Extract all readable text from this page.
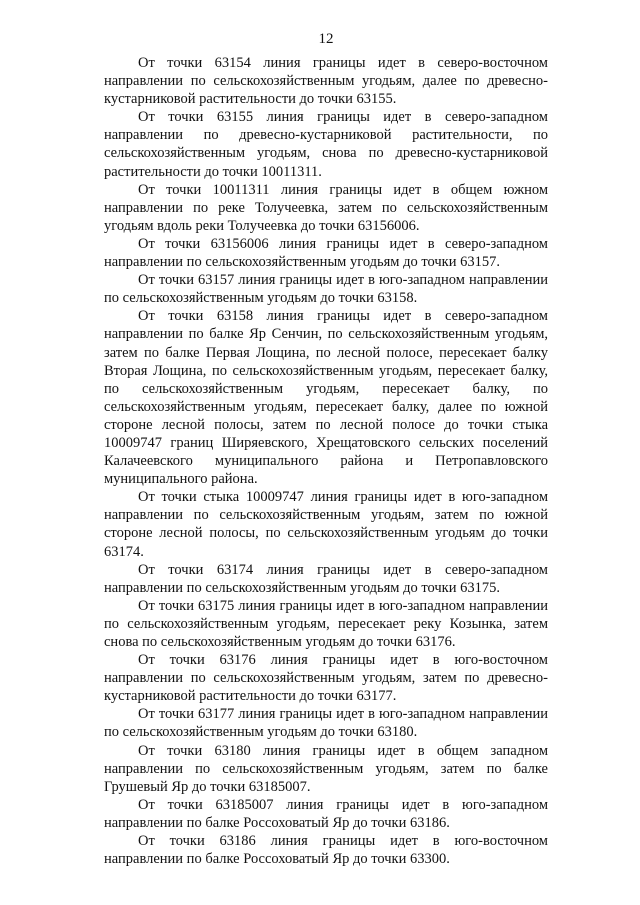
12

От точки 63154 линия границы идет в северо-восточном направлении по сельскохозяйственным угодьям, далее по древесно-кустарниковой растительности до точки 63155.

От точки 63155 линия границы идет в северо-западном направлении по древесно-кустарниковой растительности, по сельскохозяйственным угодьям, снова по древесно-кустарниковой растительности до точки 10011311.

От точки 10011311 линия границы идет в общем южном направлении по реке Толучеевка, затем по сельскохозяйственным угодьям вдоль реки Толучеевка до точки 63156006.

От точки 63156006 линия границы идет в северо-западном направлении по сельскохозяйственным угодьям до точки 63157.

От точки 63157 линия границы идет в юго-западном направлении по сельскохозяйственным угодьям до точки 63158.

От точки 63158 линия границы идет в северо-западном направлении по балке Яр Сенчин, по сельскохозяйственным угодьям, затем по балке Первая Лощина, по лесной полосе, пересекает балку Вторая Лощина, по сельскохозяйственным угодьям, пересекает балку, по сельскохозяйственным угодьям, пересекает балку, по сельскохозяйственным угодьям, пересекает балку, далее по южной стороне лесной полосы, затем по лесной полосе до точки стыка 10009747 границ Ширяевского, Хрещатовского сельских поселений Калачеевского муниципального района и Петропавловского муниципального района.

От точки стыка 10009747 линия границы идет в юго-западном направлении по сельскохозяйственным угодьям, затем по южной стороне лесной полосы, по сельскохозяйственным угодьям до точки 63174.

От точки 63174 линия границы идет в северо-западном направлении по сельскохозяйственным угодьям до точки 63175.

От точки 63175 линия границы идет в юго-западном направлении по сельскохозяйственным угодьям, пересекает реку Козынка, затем снова по сельскохозяйственным угодьям до точки 63176.

От точки 63176 линия границы идет в юго-восточном направлении по сельскохозяйственным угодьям, затем по древесно-кустарниковой растительности до точки 63177.

От точки 63177 линия границы идет в юго-западном направлении по сельскохозяйственным угодьям до точки 63180.

От точки 63180 линия границы идет в общем западном направлении по сельскохозяйственным угодьям, затем по балке Грушевый Яр до точки 63185007.

От точки 63185007 линия границы идет в юго-западном направлении по балке Россоховатый Яр до точки 63186.

От точки 63186 линия границы идет в юго-восточном направлении по балке Россоховатый Яр до точки 63300.
